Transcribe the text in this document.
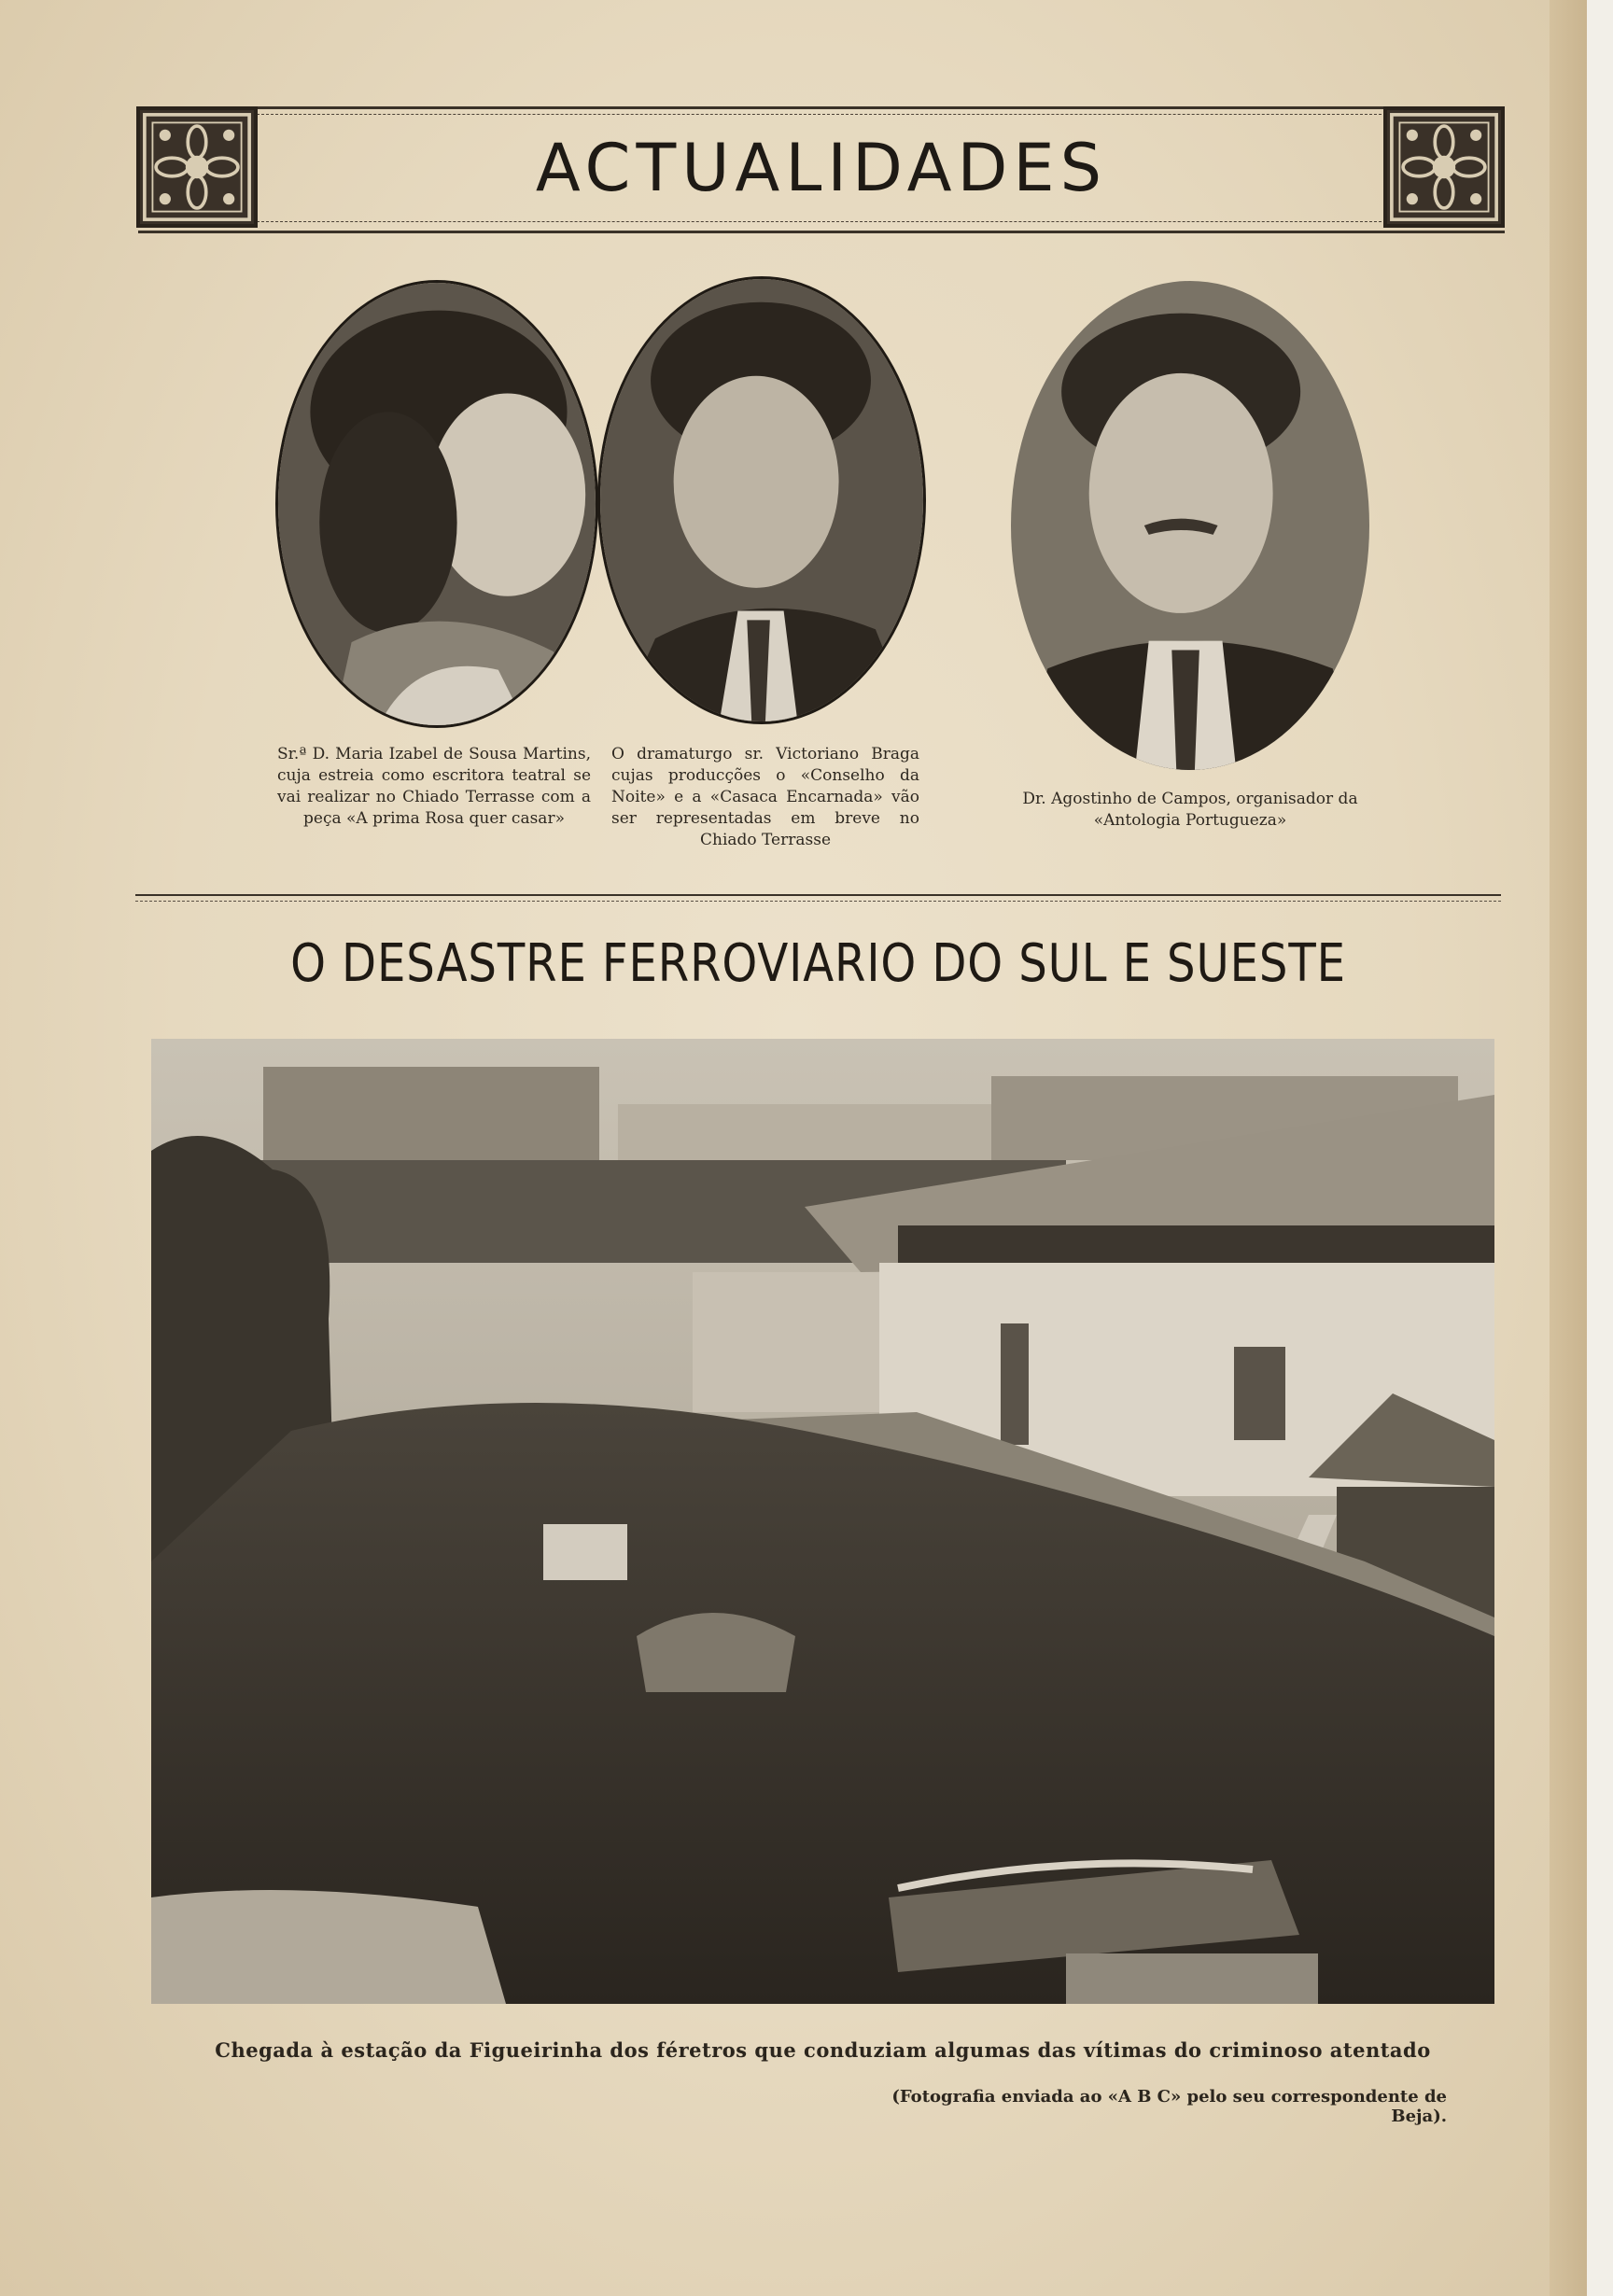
ACTUALIDADES

Sr.ª D. Maria Izabel de Sousa Martins, cuja estreia como escritora teatral se vai realizar no Chiado Terrasse com a peça «A prima Rosa quer casar»

O dramaturgo sr. Victoriano Braga cujas producções o «Conselho da Noite» e a «Casaca Encarnada» vão ser representadas em breve no Chiado Terrasse

Dr. Agostinho de Campos, organisador da «Antologia Portugueza»

O DESASTRE FERROVIARIO DO SUL E SUESTE

Chegada à estação da Figueirinha dos féretros que conduziam algumas das vítimas do criminoso atentado

(Fotografia enviada ao «A B C» pelo seu correspondente de Beja).
